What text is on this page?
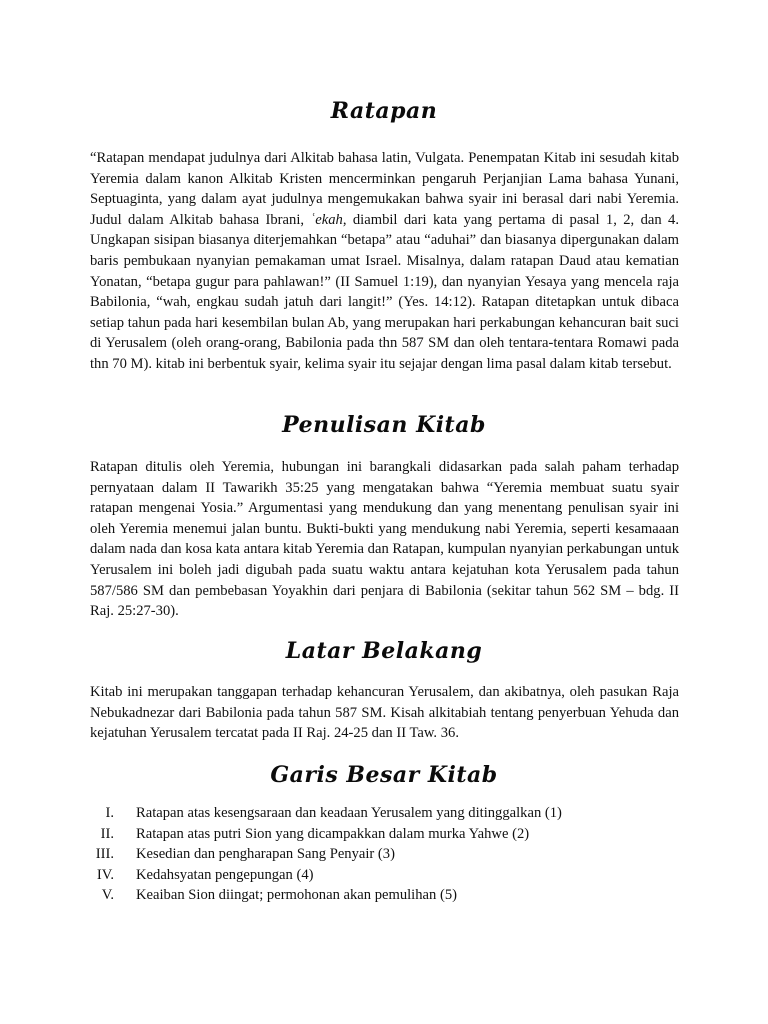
Ratapan

“Ratapan mendapat judulnya dari Alkitab bahasa latin, Vulgata. Penempatan Kitab ini sesudah kitab Yeremia dalam kanon Alkitab Kristen mencerminkan pengaruh Perjanjian Lama bahasa Yunani, Septuaginta, yang dalam ayat judulnya mengemukakan bahwa syair ini berasal dari nabi Yeremia. Judul dalam Alkitab bahasa Ibrani, ʿekah, diambil dari kata yang pertama di pasal 1, 2, dan 4. Ungkapan sisipan biasanya diterjemahkan “betapa” atau “aduhai” dan biasanya dipergunakan dalam baris pembukaan nyanyian pemakaman umat Israel. Misalnya, dalam ratapan Daud atau kematian Yonatan, “betapa gugur para pahlawan!” (II Samuel 1:19), dan nyanyian Yesaya yang mencela raja Babilonia, “wah, engkau sudah jatuh dari langit!” (Yes. 14:12). Ratapan ditetapkan untuk dibaca setiap tahun pada hari kesembilan bulan Ab, yang merupakan hari perkabungan kehancuran bait suci di Yerusalem (oleh orang-orang, Babilonia pada thn 587 SM dan oleh tentara-tentara Romawi pada thn 70 M). kitab ini berbentuk syair, kelima syair itu sejajar dengan lima pasal dalam kitab tersebut.

Penulisan Kitab

Ratapan ditulis oleh Yeremia, hubungan ini barangkali didasarkan pada salah paham terhadap pernyataan dalam II Tawarikh 35:25 yang mengatakan bahwa “Yeremia membuat suatu syair ratapan mengenai Yosia.” Argumentasi yang mendukung dan yang menentang penulisan syair ini oleh Yeremia menemui jalan buntu. Bukti-bukti yang mendukung nabi Yeremia, seperti kesamaaan dalam nada dan kosa kata antara kitab Yeremia dan Ratapan, kumpulan nyanyian perkabungan untuk Yerusalem ini boleh jadi digubah pada suatu waktu antara kejatuhan kota Yerusalem pada tahun 587/586 SM dan pembebasan Yoyakhin dari penjara di Babilonia (sekitar tahun 562 SM – bdg. II Raj. 25:27-30).

Latar Belakang

Kitab ini merupakan tanggapan terhadap kehancuran Yerusalem, dan akibatnya, oleh pasukan Raja Nebukadnezar dari Babilonia pada tahun 587 SM. Kisah alkitabiah tentang penyerbuan Yehuda dan kejatuhan Yerusalem tercatat pada II Raj. 24-25 dan II Taw. 36.

Garis Besar Kitab
I. Ratapan atas kesengsaraan dan keadaan Yerusalem yang ditinggalkan (1)
II. Ratapan atas putri Sion yang dicampakkan dalam murka Yahwe (2)
III. Kesedian dan pengharapan Sang Penyair (3)
IV. Kedahsyatan pengepungan (4)
V. Keaiban Sion diingat; permohonan akan pemulihan (5)
